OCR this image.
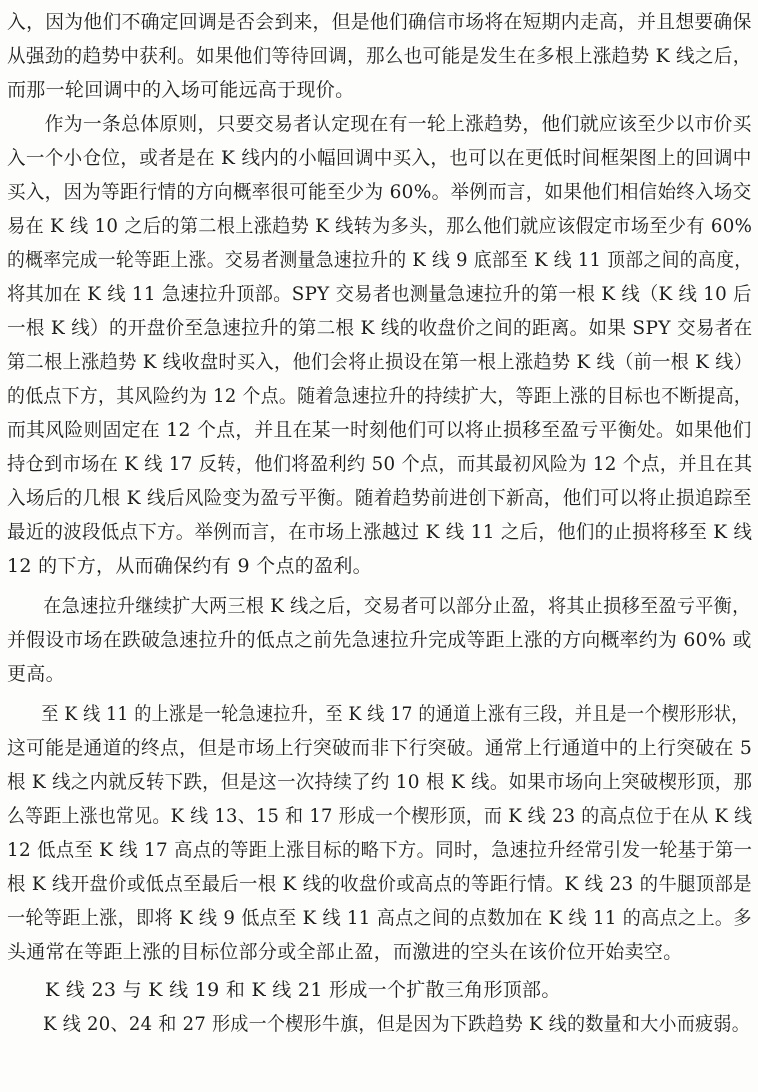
入，因为他们不确定回调是否会到来，但是他们确信市场将在短期内走高，并且想要确保
从强劲的趋势中获利。如果他们等待回调，那么也可能是发生在多根上涨趋势 K 线之后，
而那一轮回调中的入场可能远高于现价。
作为一条总体原则，只要交易者认定现在有一轮上涨趋势，他们就应该至少以市价买
入一个小仓位，或者是在 K 线内的小幅回调中买入，也可以在更低时间框架图上的回调中
买入，因为等距行情的方向概率很可能至少为 60%。举例而言，如果他们相信始终入场交
易在 K 线 10 之后的第二根上涨趋势 K 线转为多头，那么他们就应该假定市场至少有 60%
的概率完成一轮等距上涨。交易者测量急速拉升的 K 线 9 底部至 K 线 11 顶部之间的高度，
将其加在 K 线 11 急速拉升顶部。SPY 交易者也测量急速拉升的第一根 K 线（K 线 10 后
一根 K 线）的开盘价至急速拉升的第二根 K 线的收盘价之间的距离。如果 SPY 交易者在
第二根上涨趋势 K 线收盘时买入，他们会将止损设在第一根上涨趋势 K 线（前一根 K 线）
的低点下方，其风险约为 12 个点。随着急速拉升的持续扩大，等距上涨的目标也不断提高，
而其风险则固定在 12 个点，并且在某一时刻他们可以将止损移至盈亏平衡处。如果他们
持仓到市场在 K 线 17 反转，他们将盈利约 50 个点，而其最初风险为 12 个点，并且在其
入场后的几根 K 线后风险变为盈亏平衡。随着趋势前进创下新高，他们可以将止损追踪至
最近的波段低点下方。举例而言，在市场上涨越过 K 线 11 之后，他们的止损将移至 K 线
12 的下方，从而确保约有 9 个点的盈利。
在急速拉升继续扩大两三根 K 线之后，交易者可以部分止盈，将其止损移至盈亏平衡，
并假设市场在跌破急速拉升的低点之前先急速拉升完成等距上涨的方向概率约为 60% 或
更高。
至 K 线 11 的上涨是一轮急速拉升，至 K 线 17 的通道上涨有三段，并且是一个楔形形状，
这可能是通道的终点，但是市场上行突破而非下行突破。通常上行通道中的上行突破在 5
根 K 线之内就反转下跌，但是这一次持续了约 10 根 K 线。如果市场向上突破楔形顶，那
么等距上涨也常见。K 线 13、15 和 17 形成一个楔形顶，而 K 线 23 的高点位于在从 K 线
12 低点至 K 线 17 高点的等距上涨目标的略下方。同时，急速拉升经常引发一轮基于第一
根 K 线开盘价或低点至最后一根 K 线的收盘价或高点的等距行情。K 线 23 的牛腿顶部是
一轮等距上涨，即将 K 线 9 低点至 K 线 11 高点之间的点数加在 K 线 11 的高点之上。多
头通常在等距上涨的目标位部分或全部止盈，而激进的空头在该价位开始卖空。
K 线 23 与 K 线 19 和 K 线 21 形成一个扩散三角形顶部。
K 线 20、24 和 27 形成一个楔形牛旗，但是因为下跌趋势 K 线的数量和大小而疲弱。
